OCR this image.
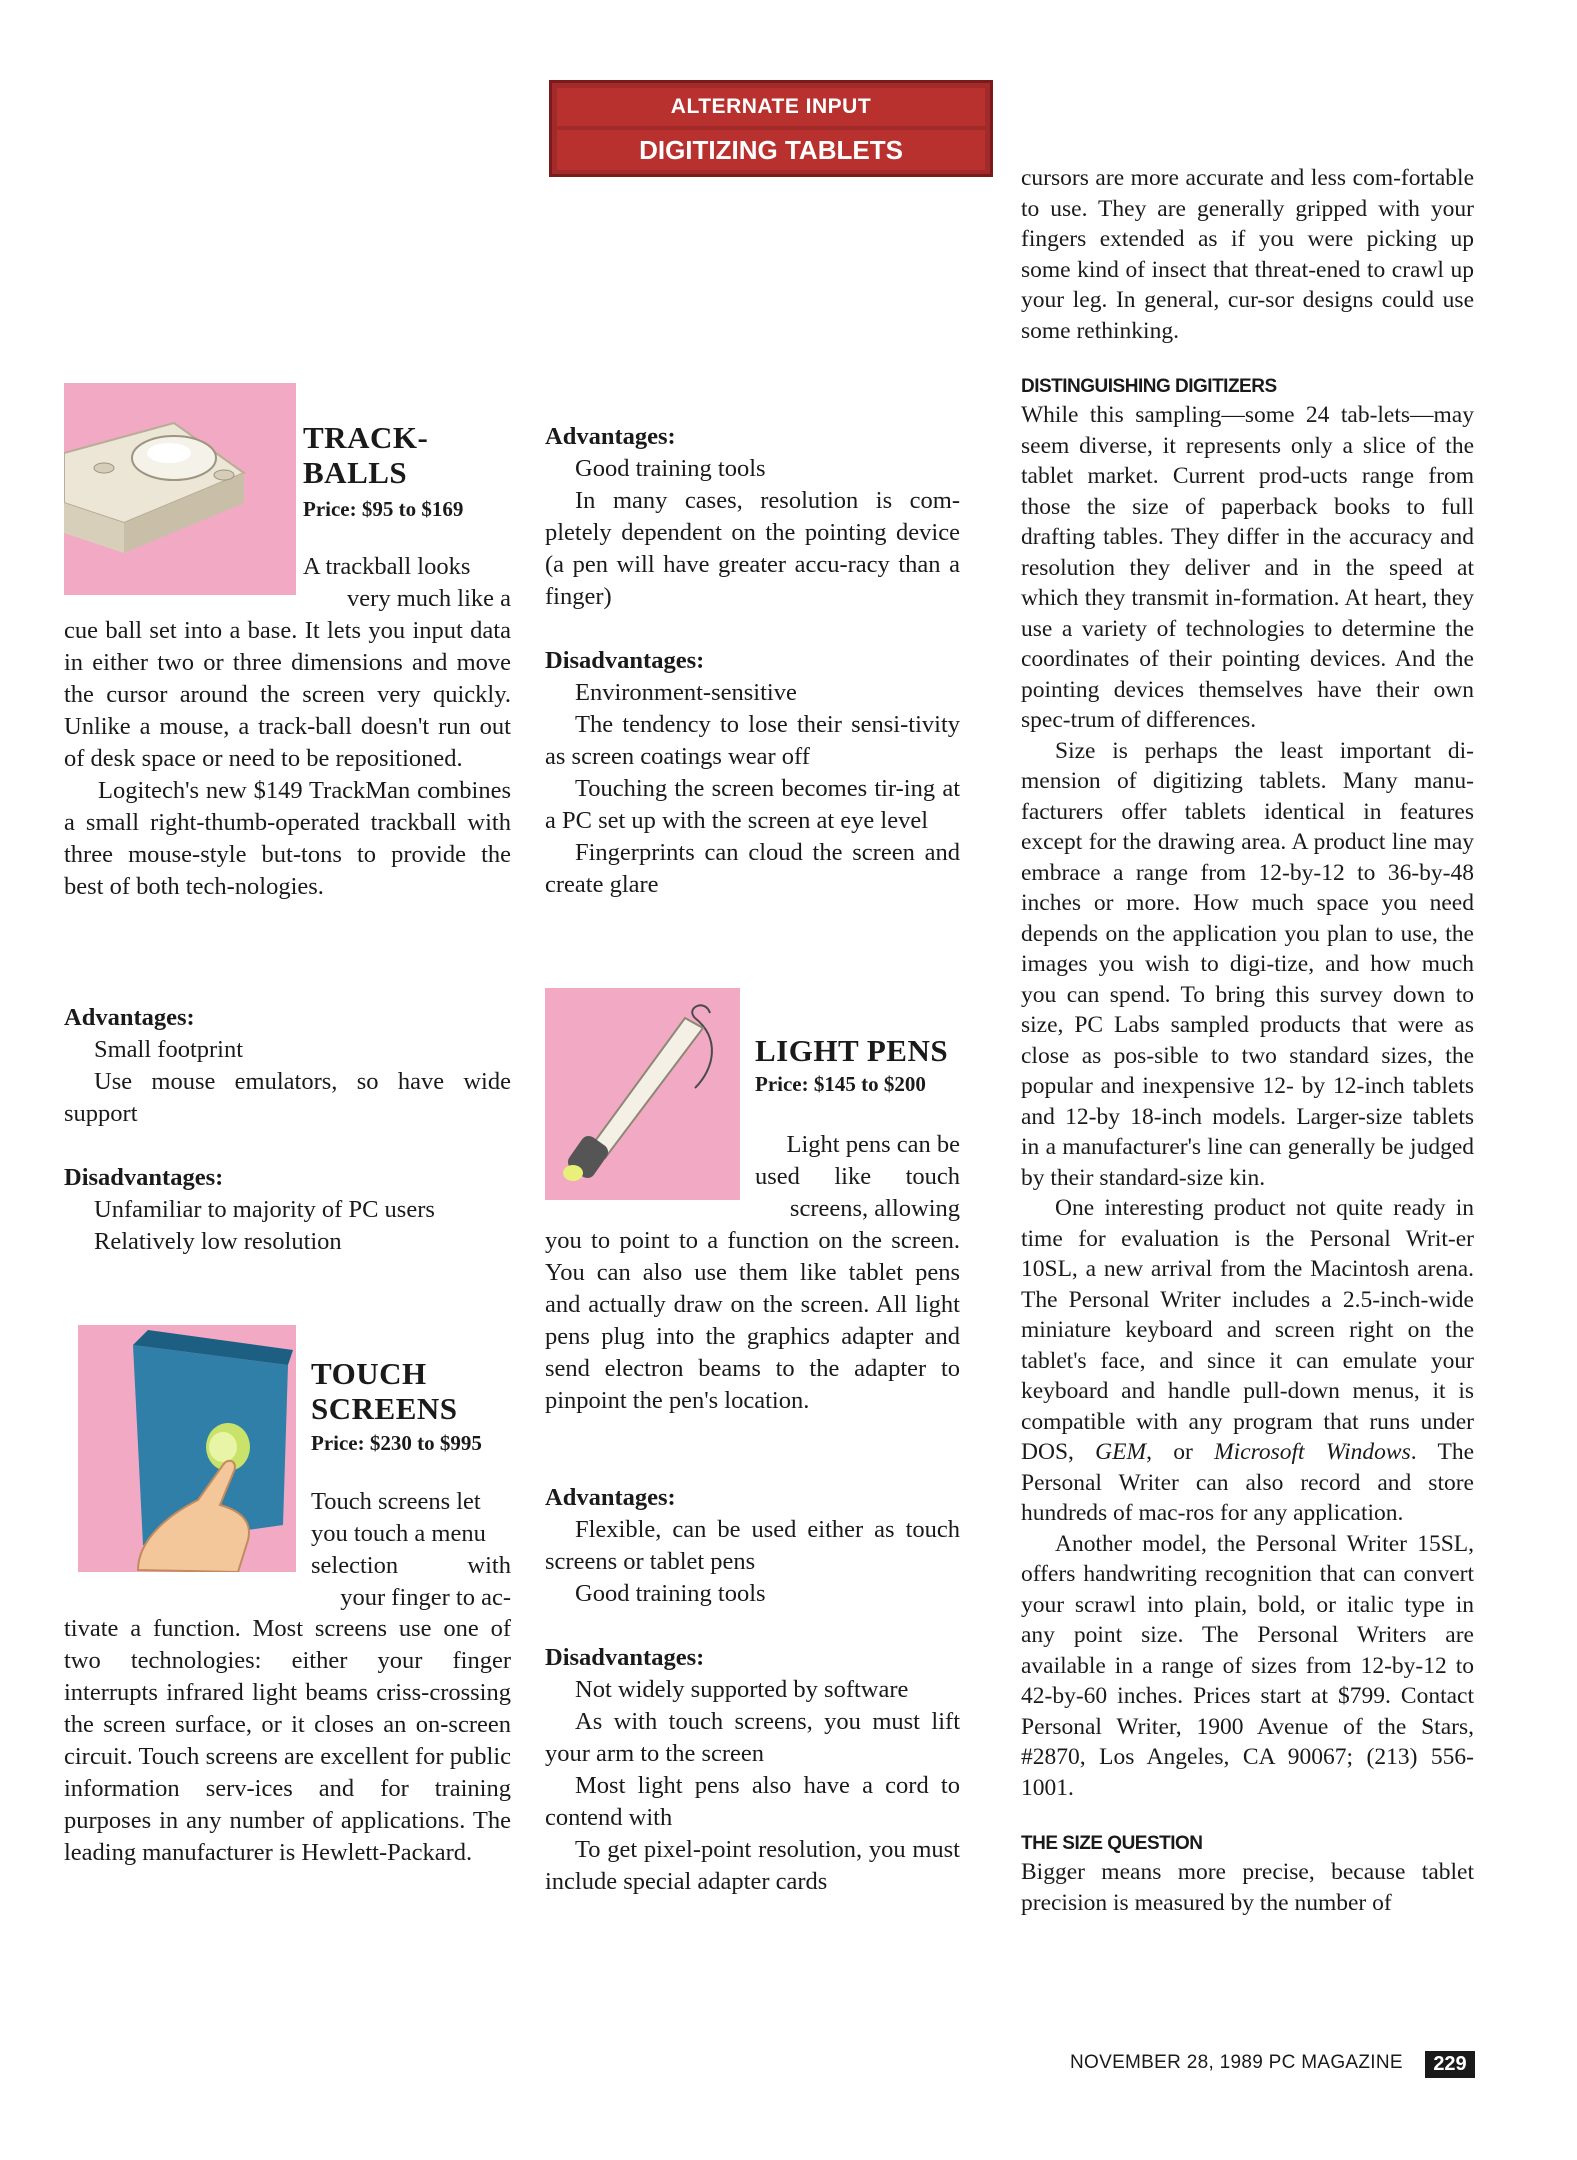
ALTERNATE INPUT
DIGITIZING TABLETS
TRACK-
BALLS
Price: $95 to $169

A trackball looks

very much like a

cue ball set into a base. It lets you input data in either two or three dimensions and move the cursor around the screen very quickly. Unlike a mouse, a track-ball doesn't run out of desk space or need to be repositioned.

Logitech's new $149 TrackMan combines a small right-thumb-operated trackball with three mouse-style but-tons to provide the best of both tech-nologies.

Advantages:

Small footprint

Use mouse emulators, so have wide support

Disadvantages:

Unfamiliar to majority of PC users

Relatively low resolution

TOUCH
SCREENS
Price: $230 to $995

Touch screens let

you touch a menu

selection with

your finger to ac-

tivate a function. Most screens use one of two technologies: either your finger interrupts infrared light beams criss-crossing the screen surface, or it closes an on-screen circuit. Touch screens are excellent for public information serv-ices and for training purposes in any number of applications. The leading manufacturer is Hewlett-Packard.

Advantages:

Good training tools

In many cases, resolution is com-pletely dependent on the pointing device (a pen will have greater accu-racy than a finger)

Disadvantages:

Environment-sensitive

The tendency to lose their sensi-tivity as screen coatings wear off

Touching the screen becomes tir-ing at a PC set up with the screen at eye level

Fingerprints can cloud the screen and create glare

LIGHT PENS
Price: $145 to $200

Light pens can be

used like touch

screens, allowing

you to point to a function on the screen. You can also use them like tablet pens and actually draw on the screen. All light pens plug into the graphics adapter and send electron beams to the adapter to pinpoint the pen's location.

Advantages:

Flexible, can be used either as touch screens or tablet pens

Good training tools

Disadvantages:

Not widely supported by software

As with touch screens, you must lift your arm to the screen

Most light pens also have a cord to contend with

To get pixel-point resolution, you must include special adapter cards

cursors are more accurate and less com-fortable to use. They are generally gripped with your fingers extended as if you were picking up some kind of insect that threat-ened to crawl up your leg. In general, cur-sor designs could use some rethinking.

DISTINGUISHING DIGITIZERS

While this sampling—some 24 tab-lets—may seem diverse, it represents only a slice of the tablet market. Current prod-ucts range from those the size of paperback books to full drafting tables. They differ in the accuracy and resolution they deliver and in the speed at which they transmit in-formation. At heart, they use a variety of technologies to determine the coordinates of their pointing devices. And the pointing devices themselves have their own spec-trum of differences.

Size is perhaps the least important di-mension of digitizing tablets. Many manu-facturers offer tablets identical in features except for the drawing area. A product line may embrace a range from 12-by-12 to 36-by-48 inches or more. How much space you need depends on the application you plan to use, the images you wish to digi-tize, and how much you can spend. To bring this survey down to size, PC Labs sampled products that were as close as pos-sible to two standard sizes, the popular and inexpensive 12- by 12-inch tablets and 12-by 18-inch models. Larger-size tablets in a manufacturer's line can generally be judged by their standard-size kin.

One interesting product not quite ready in time for evaluation is the Personal Writ-er 10SL, a new arrival from the Macintosh arena. The Personal Writer includes a 2.5-inch-wide miniature keyboard and screen right on the tablet's face, and since it can emulate your keyboard and handle pull-down menus, it is compatible with any program that runs under DOS, GEM, or Microsoft Windows. The Personal Writer can also record and store hundreds of mac-ros for any application.

Another model, the Personal Writer 15SL, offers handwriting recognition that can convert your scrawl into plain, bold, or italic type in any point size. The Personal Writers are available in a range of sizes from 12-by-12 to 42-by-60 inches. Prices start at $799. Contact Personal Writer, 1900 Avenue of the Stars, #2870, Los Angeles, CA 90067; (213) 556-1001.

THE SIZE QUESTION

Bigger means more precise, because tablet precision is measured by the number of

NOVEMBER 28, 1989 PC MAGAZINE	229
